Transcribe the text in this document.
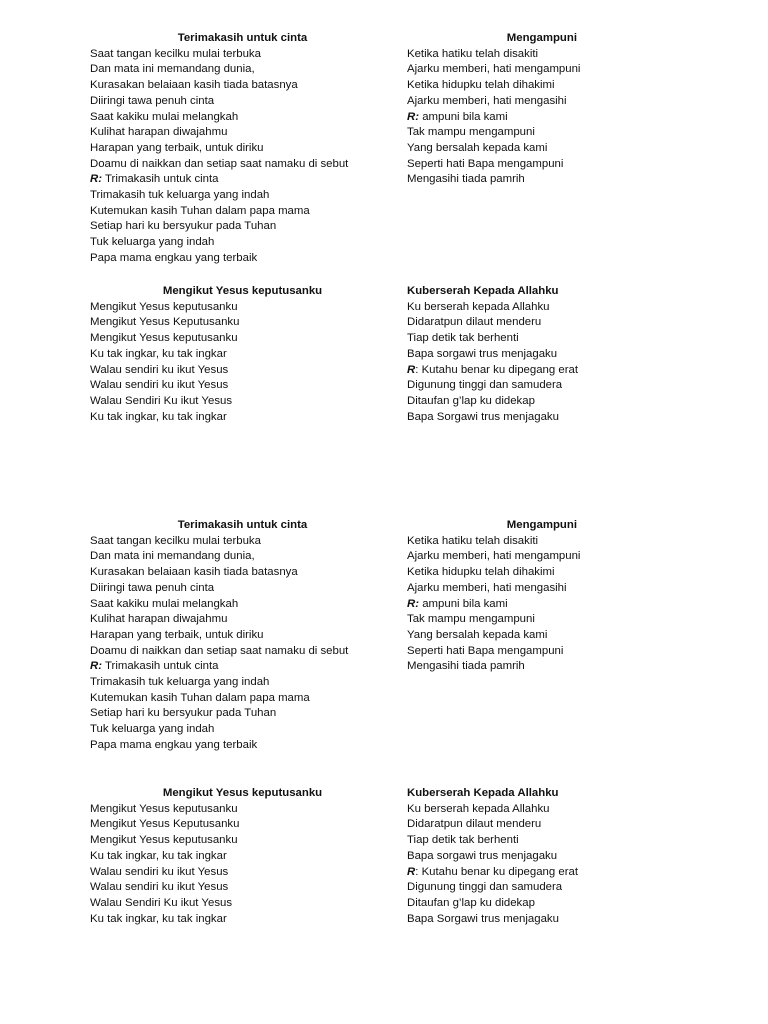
Terimakasih untuk cinta
Saat tangan kecilku mulai terbuka
Dan mata ini memandang dunia,
Kurasakan belaiaan kasih tiada batasnya
Diiringi tawa penuh cinta
Saat kakiku mulai melangkah
Kulihat harapan diwajahmu
Harapan yang terbaik, untuk diriku
Doamu di naikkan dan setiap saat namaku di sebut
R: Trimakasih untuk cinta
Trimakasih tuk keluarga yang indah
Kutemukan kasih Tuhan dalam papa mama
Setiap hari ku bersyukur pada Tuhan
Tuk keluarga yang indah
Papa mama engkau yang terbaik
Mengampuni
Ketika hatiku telah disakiti
Ajarku memberi, hati mengampuni
Ketika hidupku telah dihakimi
Ajarku memberi, hati mengasihi
R: ampuni bila kami
Tak mampu mengampuni
Yang bersalah kepada kami
Seperti hati Bapa mengampuni
Mengasihi tiada pamrih
Mengikut Yesus keputusanku
Mengikut Yesus keputusanku
Mengikut Yesus Keputusanku
Mengikut Yesus keputusanku
Ku tak ingkar, ku tak ingkar
Walau sendiri ku ikut Yesus
Walau sendiri ku ikut Yesus
Walau Sendiri Ku ikut Yesus
Ku tak ingkar, ku tak ingkar
Kuberserah Kepada Allahku
Ku berserah kepada Allahku
Didaratpun dilaut menderu
Tiap detik tak berhenti
Bapa sorgawi trus menjagaku
R: Kutahu benar ku dipegang erat
Digunung tinggi dan samudera
Ditaufan g’lap ku didekap
Bapa Sorgawi trus menjagaku
Terimakasih untuk cinta
Saat tangan kecilku mulai terbuka
Dan mata ini memandang dunia,
Kurasakan belaiaan kasih tiada batasnya
Diiringi tawa penuh cinta
Saat kakiku mulai melangkah
Kulihat harapan diwajahmu
Harapan yang terbaik, untuk diriku
Doamu di naikkan dan setiap saat namaku di sebut
R: Trimakasih untuk cinta
Trimakasih tuk keluarga yang indah
Kutemukan kasih Tuhan dalam papa mama
Setiap hari ku bersyukur pada Tuhan
Tuk keluarga yang indah
Papa mama engkau yang terbaik
Mengampuni
Ketika hatiku telah disakiti
Ajarku memberi, hati mengampuni
Ketika hidupku telah dihakimi
Ajarku memberi, hati mengasihi
R: ampuni bila kami
Tak mampu mengampuni
Yang bersalah kepada kami
Seperti hati Bapa mengampuni
Mengasihi tiada pamrih
Mengikut Yesus keputusanku
Mengikut Yesus keputusanku
Mengikut Yesus Keputusanku
Mengikut Yesus keputusanku
Ku tak ingkar, ku tak ingkar
Walau sendiri ku ikut Yesus
Walau sendiri ku ikut Yesus
Walau Sendiri Ku ikut Yesus
Ku tak ingkar, ku tak ingkar
Kuberserah Kepada Allahku
Ku berserah kepada Allahku
Didaratpun dilaut menderu
Tiap detik tak berhenti
Bapa sorgawi trus menjagaku
R: Kutahu benar ku dipegang erat
Digunung tinggi dan samudera
Ditaufan g’lap ku didekap
Bapa Sorgawi trus menjagaku
